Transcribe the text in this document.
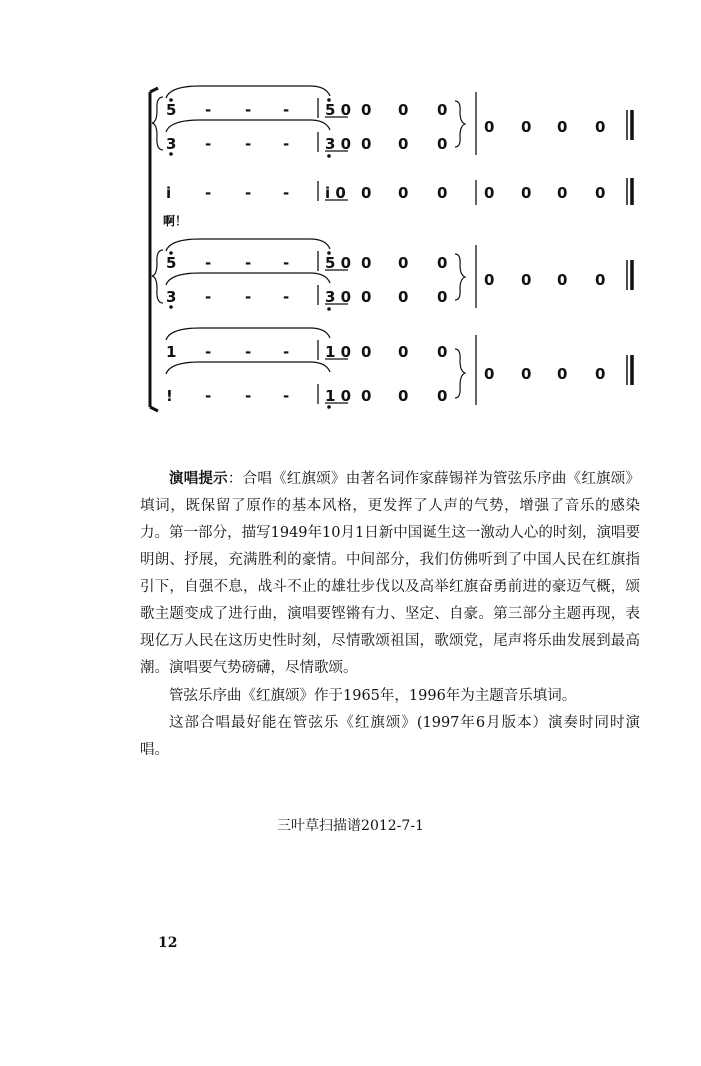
5 - - - 5 0 0 0 0
0 0 0 0
3 - - - 3 0 0 0 0
i - - - i 0 0 0 0 0 0 0 0
啊！
5 - - - 5 0 0 0 0
0 0 0 0
3 - - - 3 0 0 0 0
1 - - - 1 0 0 0 0
0 0 0 0
! - - - 1 0 0 0 0
演唱提示：合唱《红旗颂》由著名词作家薛锡祥为管弦乐序曲《红旗颂》填词，既保留了原作的基本风格，更发挥了人声的气势，增强了音乐的感染力。第一部分，描写1949年10月1日新中国诞生这一激动人心的时刻，演唱要明朗、抒展，充满胜利的豪情。中间部分，我们仿佛听到了中国人民在红旗指引下，自强不息，战斗不止的雄壮步伐以及高举红旗奋勇前进的豪迈气概，颂歌主题变成了进行曲，演唱要铿锵有力、坚定、自豪。第三部分主题再现，表现亿万人民在这历史性时刻，尽情歌颂祖国，歌颂党，尾声将乐曲发展到最高潮。演唱要气势磅礴，尽情歌颂。
管弦乐序曲《红旗颂》作于1965年，1996年为主题音乐填词。
这部合唱最好能在管弦乐《红旗颂》(1997年6月版本）演奏时同时演唱。
三叶草扫描谱2012-7-1
12
